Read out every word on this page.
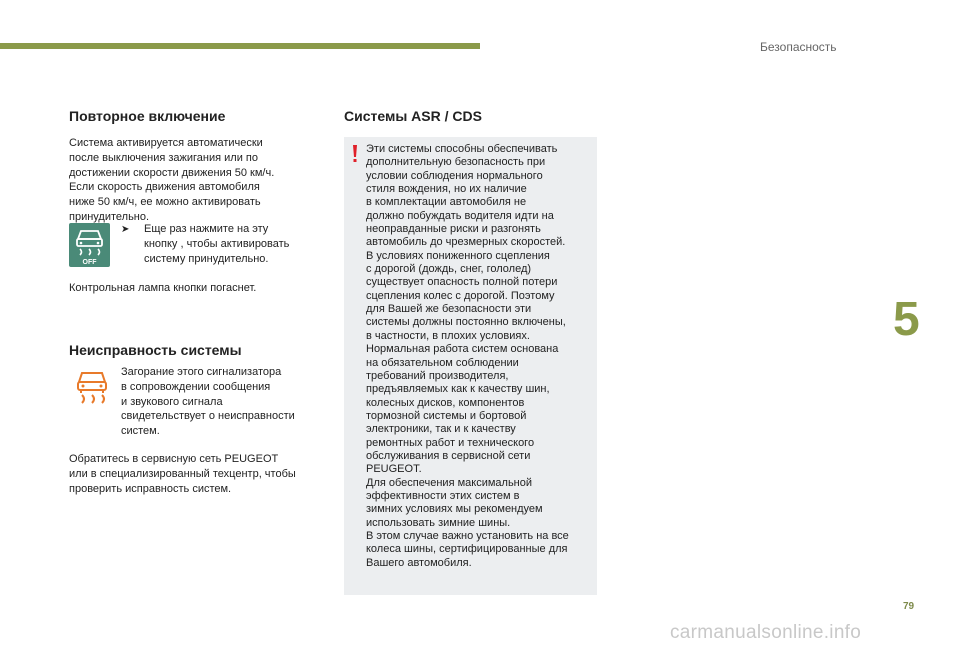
Безопасность
5
Повторное включение
Система активируется автоматически
после выключения зажигания или по
достижении скорости движения 50 км/ч.
Если скорость движения автомобиля
ниже 50 км/ч, ее можно активировать
принудительно.
OFF
➤ Еще раз нажмите на эту
кнопку , чтобы активировать
систему принудительно.
Контрольная лампа кнопки погаснет.
Неисправность системы
Загорание этого сигнализатора
в сопровождении сообщения
и звукового сигнала
свидетельствует о неисправности
систем.
Обратитесь в сервисную сеть PEUGEOT
или в специализированный техцентр, чтобы
проверить исправность систем.
Системы ASR / CDS
Эти системы способны обеспечивать
дополнительную безопасность при
условии соблюдения нормального
стиля вождения, но их наличие
в комплектации автомобиля не
должно побуждать водителя идти на
неоправданные риски и разгонять
автомобиль до чрезмерных скоростей.
В условиях пониженного сцепления
с дорогой (дождь, снег, гололед)
существует опасность полной потери
сцепления колес с дорогой. Поэтому
для Вашей же безопасности эти
системы должны постоянно включены,
в частности, в плохих условиях.
Нормальная работа систем основана
на обязательном соблюдении
требований производителя,
предъявляемых как к качеству шин,
колесных дисков, компонентов
тормозной системы и бортовой
электроники, так и к качеству
ремонтных работ и технического
обслуживания в сервисной сети
PEUGEOT.
Для обеспечения максимальной
эффективности этих систем в
зимних условиях мы рекомендуем
использовать зимние шины.
В этом случае важно установить на все
колеса шины, сертифицированные для
Вашего автомобиля.
79
carmanualsonline.info
